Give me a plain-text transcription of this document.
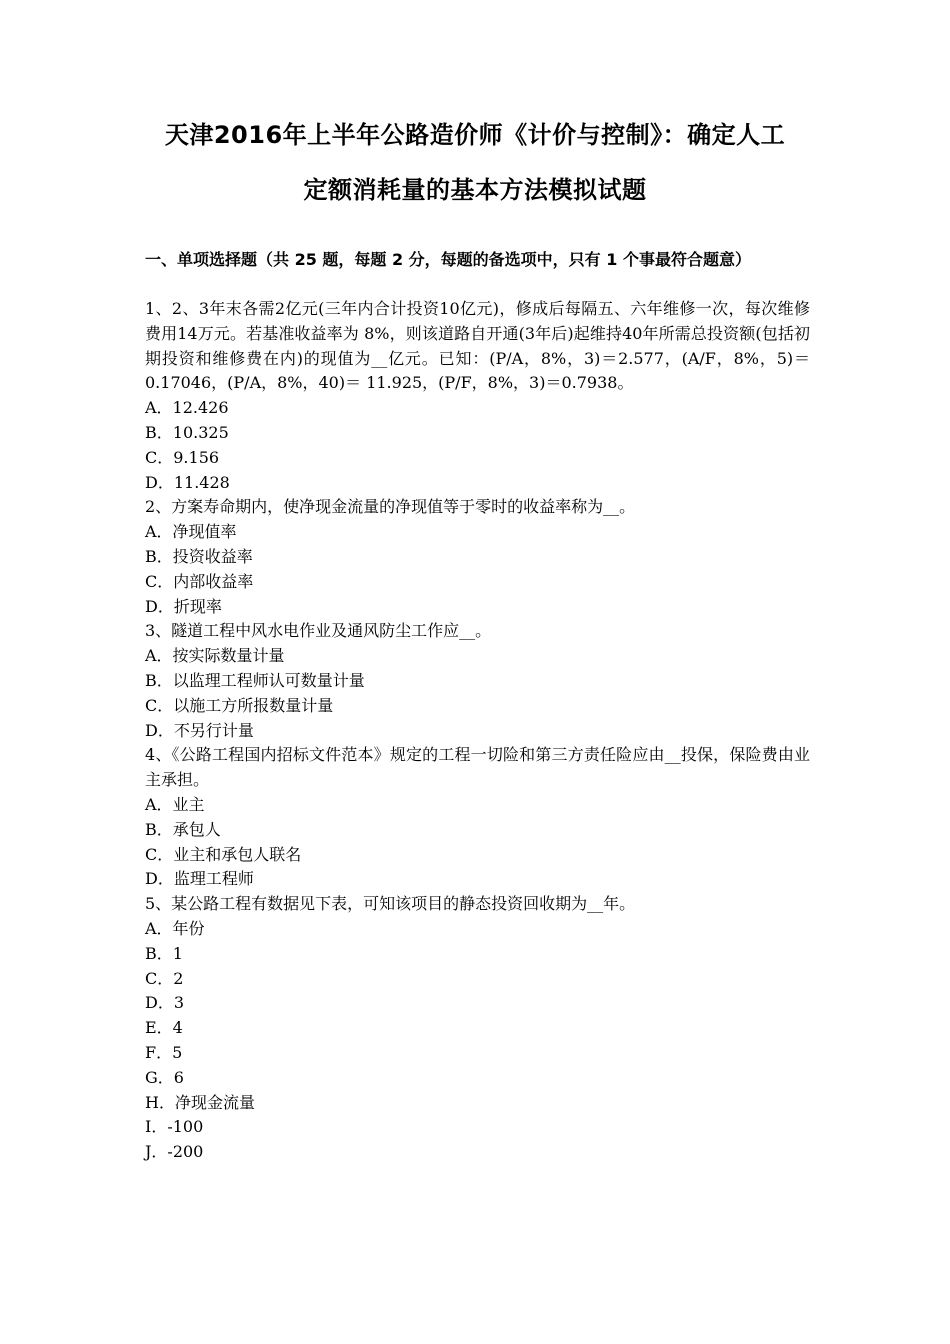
天津2016年上半年公路造价师《计价与控制》：确定人工
定额消耗量的基本方法模拟试题
一、单项选择题（共 25 题，每题 2 分，每题的备选项中，只有 1 个事最符合题意）
1、2、3年末各需2亿元(三年内合计投资10亿元)，修成后每隔五、六年维修一次，每次维修费用14万元。若基准收益率为 8%，则该道路自开通(3年后)起维持40年所需总投资额(包括初期投资和维修费在内)的现值为__亿元。已知：(P/A，8%，3)＝2.577，(A/F，8%，5)＝0.17046，(P/A，8%，40)＝ 11.925，(P/F，8%，3)＝0.7938。
A．12.426
B．10.325
C．9.156
D．11.428
2、方案寿命期内，使净现金流量的净现值等于零时的收益率称为__。
A．净现值率
B．投资收益率
C．内部收益率
D．折现率
3、隧道工程中风水电作业及通风防尘工作应__。
A．按实际数量计量
B．以监理工程师认可数量计量
C．以施工方所报数量计量
D．不另行计量
4、《公路工程国内招标文件范本》规定的工程一切险和第三方责任险应由__投保，保险费由业主承担。
A．业主
B．承包人
C．业主和承包人联名
D．监理工程师
5、某公路工程有数据见下表，可知该项目的静态投资回收期为__年。
A．年份
B．1
C．2
D．3
E．4
F．5
G．6
H．净现金流量
I．-100
J．-200
